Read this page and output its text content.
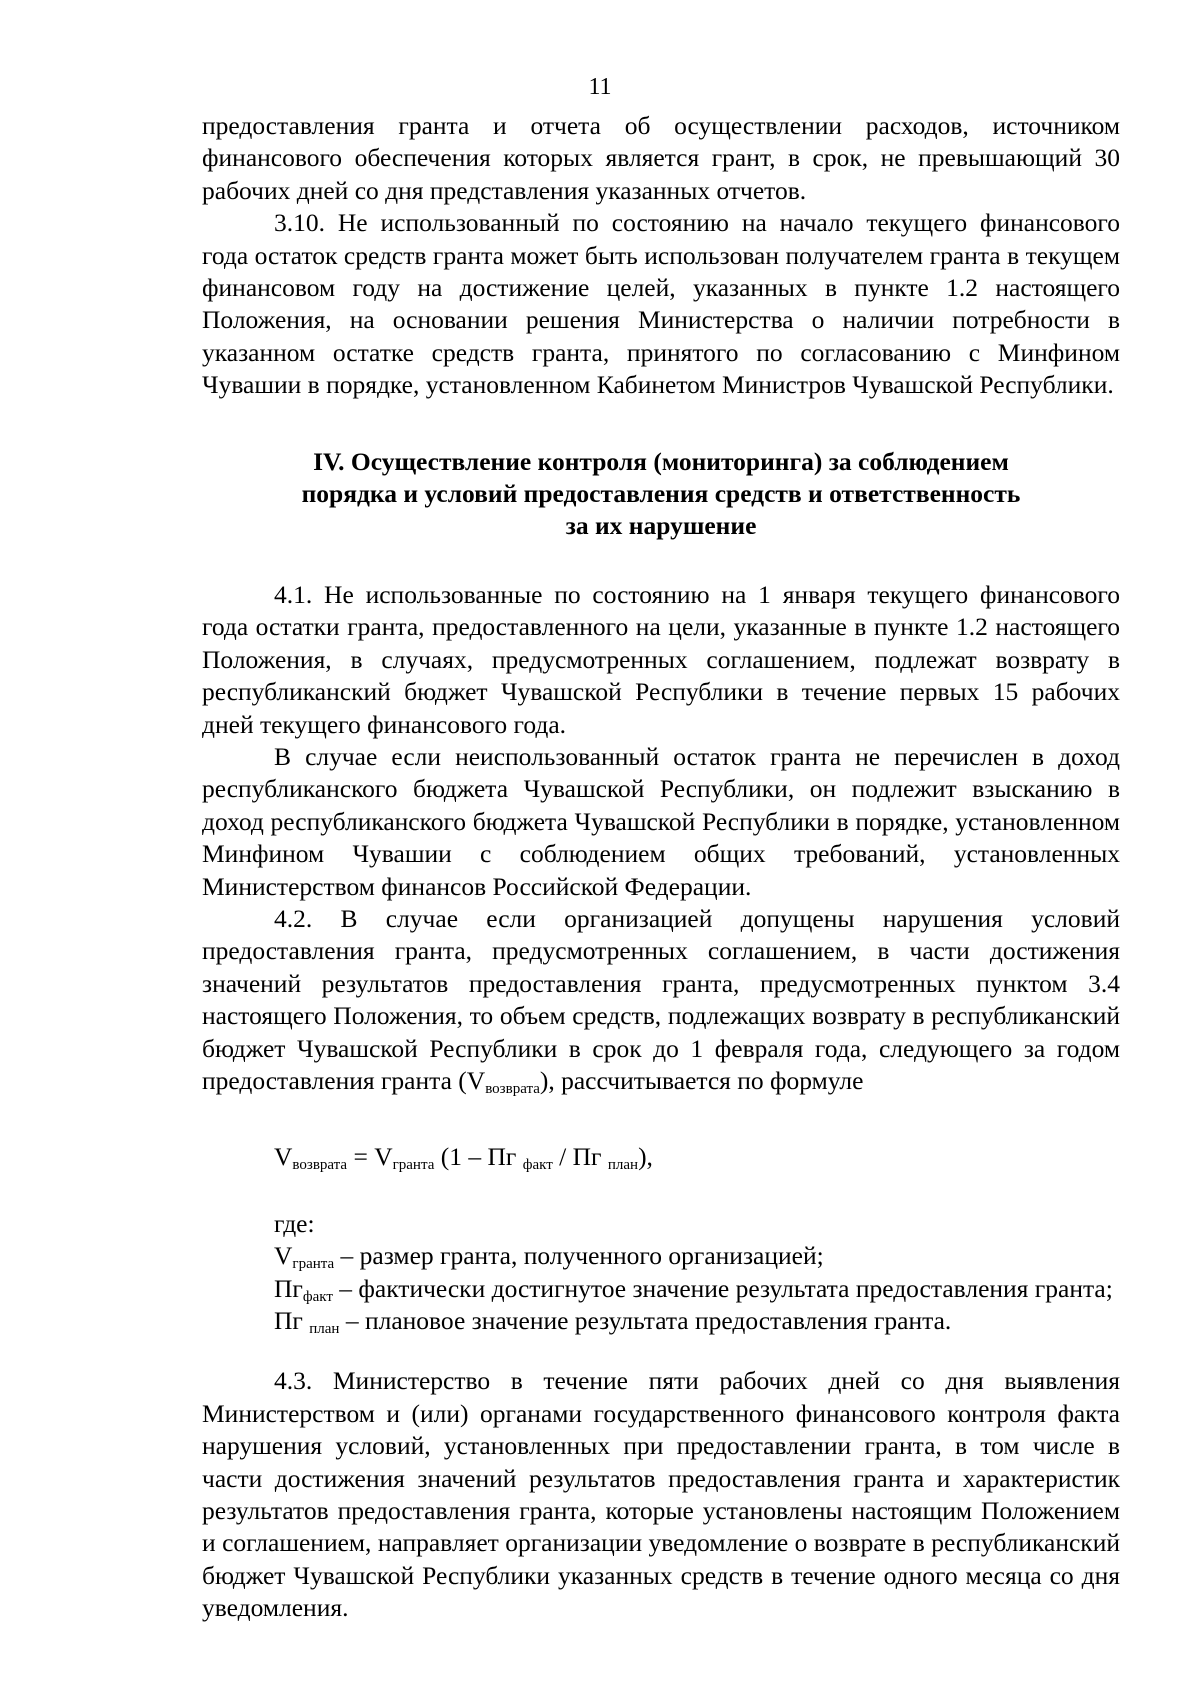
11

предоставления гранта и отчета об осуществлении расходов, источником финансового обеспечения которых является грант, в срок, не превышающий 30 рабочих дней со дня представления указанных отчетов.

3.10. Не использованный по состоянию на начало текущего финансового года остаток средств гранта может быть использован получателем гранта в текущем финансовом году на достижение целей, указанных в пункте 1.2 настоящего Положения, на основании решения Министерства о наличии потребности в указанном остатке средств гранта, принятого по согласованию с Минфином Чувашии в порядке, установленном Кабинетом Министров Чувашской Республики.

IV. Осуществление контроля (мониторинга) за соблюдением
порядка и условий предоставления средств и ответственность
за их нарушение

4.1. Не использованные по состоянию на 1 января текущего финансового года остатки гранта, предоставленного на цели, указанные в пункте 1.2 настоящего Положения, в случаях, предусмотренных соглашением, подлежат возврату в республиканский бюджет Чувашской Республики в течение первых 15 рабочих дней текущего финансового года.

В случае если неиспользованный остаток гранта не перечислен в доход республиканского бюджета Чувашской Республики, он подлежит взысканию в доход республиканского бюджета Чувашской Республики в порядке, установленном Минфином Чувашии с соблюдением общих требований, установленных Министерством финансов Российской Федерации.

4.2. В случае если организацией допущены нарушения условий предоставления гранта, предусмотренных соглашением, в части достижения значений результатов предоставления гранта, предусмотренных пунктом 3.4 настоящего Положения, то объем средств, подлежащих возврату в республиканский бюджет Чувашской Республики в срок до 1 февраля года, следующего за годом предоставления гранта $(V_{возврата})$, рассчитывается по формуле

$V_{возврата} = V_{гранта}$ (1 – Пг $_{факт}$ / Пг $_{план}$),

где:

$V_{гранта}$ – размер гранта, полученного организацией;

$Пг_{факт}$ – фактически достигнутое значение результата предоставления гранта;

Пг $_{план}$ – плановое значение результата предоставления гранта.

4.3. Министерство в течение пяти рабочих дней со дня выявления Министерством и (или) органами государственного финансового контроля факта нарушения условий, установленных при предоставлении гранта, в том числе в части достижения значений результатов предоставления гранта и характеристик результатов предоставления гранта, которые установлены настоящим Положением и соглашением, направляет организации уведомление о возврате в республиканский бюджет Чувашской Республики указанных средств в течение одного месяца со дня уведомления.
